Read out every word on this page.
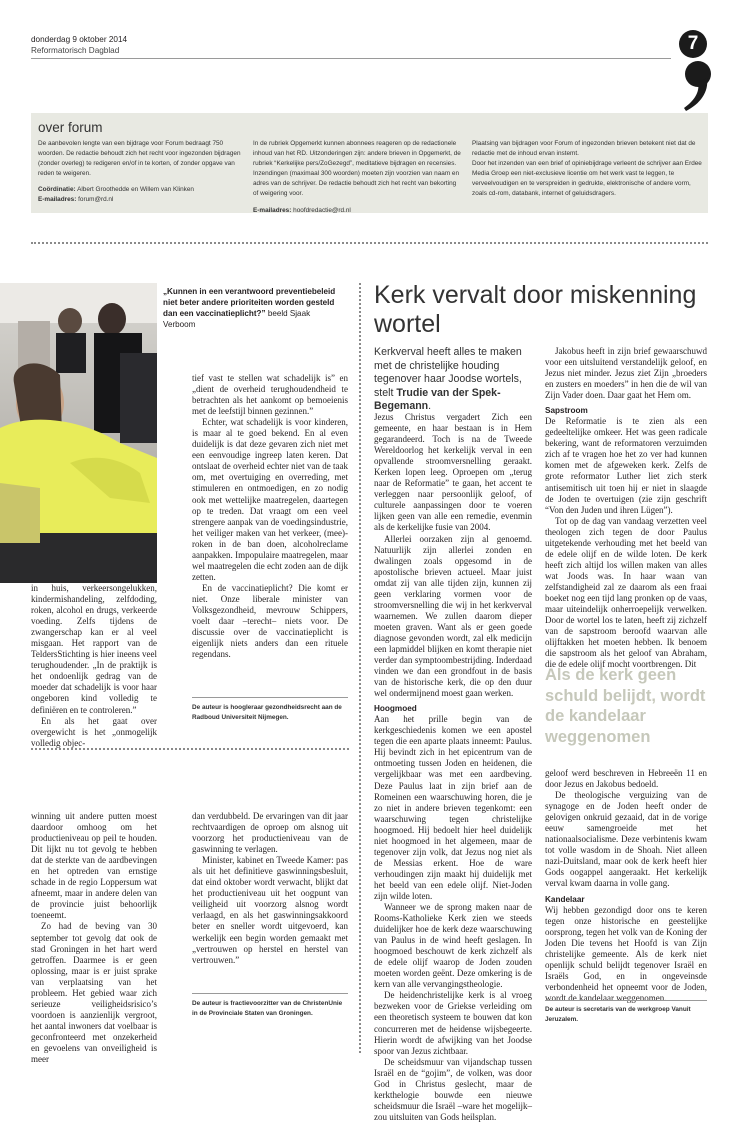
donderdag 9 oktober 2014
Reformatorisch Dagblad	7
over forum

De aanbevolen lengte van een bijdrage voor Forum bedraagt 750 woorden. De redactie behoudt zich het recht voor ingezonden bijdragen (zonder overleg) te redigeren en/of in te korten, of zonder opgave van reden te weigeren.

Coördinatie: Albert Groothedde en Willem van Klinken

E-mailadres: forum@rd.nl

In de rubriek Opgemerkt kunnen abonnees reageren op de redactionele inhoud van het RD. Uitzonderingen zijn: andere brieven in Opgemerkt, de rubriek “Kerkelijke pers/ZoGezegd”, meditatieve bijdragen en recensies. Inzendingen (maximaal 300 woorden) moeten zijn voorzien van naam en adres van de schrijver. De redactie behoudt zich het recht van bekorting of weigering voor.

E-mailadres: hoofdredactie@rd.nl

Plaatsing van bijdragen voor Forum of ingezonden brieven betekent niet dat de redactie met de inhoud ervan instemt.

Door het inzenden van een brief of opiniebijdrage verleent de schrijver aan Erdee Media Groep een niet-exclusieve licentie om het werk vast te leggen, te verveelvoudigen en te verspreiden in gedrukte, elektronische of andere vorm, zoals cd-rom, databank, internet of geluidsdragers.

„Kunnen in een verantwoord preventiebeleid niet beter andere prioriteiten worden gesteld dan een vaccinatieplicht?” beeld Sjaak Verboom

in huis, verkeersongelukken, kindermishandeling, zelfdoding, roken, alcohol en drugs, verkeerde voeding. Zelfs tijdens de zwangerschap kan er al veel misgaan. Het rapport van de TeldersStichting is hier ineens veel terughoudender. „In de praktijk is het ondoenlijk gedrag van de moeder dat schadelijk is voor haar ongeboren kind volledig te definiëren en te controleren.”

En als het gaat over overgewicht is het „onmogelijk volledig objec-

tief vast te stellen wat schadelijk is” en „dient de overheid terughoudendheid te betrachten als het aankomt op bemoeienis met de leefstijl binnen gezinnen.”

Echter, wat schadelijk is voor kinderen, is maar al te goed bekend. En al even duidelijk is dat deze gevaren zich niet met een eenvoudige ingreep laten keren. Dat ontslaat de overheid echter niet van de taak om, met overtuiging en overreding, met stimuleren en ontmoedigen, en zo nodig ook met wettelijke maatregelen, daartegen op te treden. Dat vraagt om een veel strengere aanpak van de voedingsindustrie, het veiliger maken van het verkeer, (mee)-roken in de ban doen, alcoholreclame aanpakken. Impopulaire maatregelen, maar wel maatregelen die echt zoden aan de dijk zetten.

En de vaccinatieplicht? Die komt er niet. Onze liberale minister van Volksgezondheid, mevrouw Schippers, voelt daar –terecht– niets voor. De discussie over de vaccinatieplicht is eigenlijk niets anders dan een rituele regendans.

De auteur is hoogleraar gezondheidsrecht aan de Radboud Universiteit Nijmegen.

winning uit andere putten moest daardoor omhoog om het productieniveau op peil te houden. Dit lijkt nu tot gevolg te hebben dat de sterkte van de aardbevingen en het optreden van ernstige schade in de regio Loppersum wat afneemt, maar in andere delen van de provincie juist behoorlijk toeneemt.

Zo had de beving van 30 september tot gevolg dat ook de stad Groningen in het hart werd getroffen. Daarmee is er geen oplossing, maar is er juist sprake van verplaatsing van het probleem. Het gebied waar zich serieuze veiligheidsrisico’s voordoen is aanzienlijk vergroot, het aantal inwoners dat voelbaar is geconfronteerd met onzekerheid en gevoelens van onveiligheid is meer

dan verdubbeld. De ervaringen van dit jaar rechtvaardigen de oproep om alsnog uit voorzorg het productieniveau van de gaswinning te verlagen.

Minister, kabinet en Tweede Kamer: pas als uit het definitieve gaswinningsbesluit, dat eind oktober wordt verwacht, blijkt dat het productieniveau uit het oogpunt van veiligheid uit voorzorg alsnog wordt verlaagd, en als het gaswinningsakkoord beter en sneller wordt uitgevoerd, kan werkelijk een begin worden gemaakt met „vertrouwen op herstel en herstel van vertrouwen.”

De auteur is fractievoorzitter van de ChristenUnie in de Provinciale Staten van Groningen.
Kerk vervalt door miskenning wortel
Kerkverval heeft alles te maken met de christelijke houding tegenover haar Joodse wortels, stelt Trudie van der Spek-Begemann.

Jezus Christus vergadert Zich een gemeente, en haar bestaan is in Hem gegarandeerd. Toch is na de Tweede Wereldoorlog het kerkelijk verval in een opvallende stroomversnelling geraakt. Kerken lopen leeg. Oproepen om „terug naar de Reformatie” te gaan, het accent te verleggen naar persoonlijk geloof, of culturele aanpassingen door te voeren lijken geen van alle een remedie, evenmin als de kerkelijke fusie van 2004.

Allerlei oorzaken zijn al genoemd. Natuurlijk zijn allerlei zonden en dwalingen zoals opgesomd in de apostolische brieven actueel. Maar juist omdat zij van alle tijden zijn, kunnen zij geen verklaring vormen voor de stroomversnelling die wij in het kerkverval waarnemen. We zullen daarom dieper moeten graven. Want als er geen goede diagnose gevonden wordt, zal elk medicijn een lapmiddel blijken en komt therapie niet verder dan symptoombestrijding. Inderdaad vinden we dan een grondfout in de basis van de historische kerk, die op den duur wel ondermijnend moest gaan werken.

Hoogmoed

Aan het prille begin van de kerkgeschiedenis komen we een apostel tegen die een aparte plaats inneemt: Paulus. Hij bevindt zich in het epicentrum van de ontmoeting tussen Joden en heidenen, die vergelijkbaar was met een aardbeving. Deze Paulus laat in zijn brief aan de Romeinen een waarschuwing horen, die je zo niet in andere brieven tegenkomt: een waarschuwing tegen christelijke hoogmoed. Hij bedoelt hier heel duidelijk niet hoogmoed in het algemeen, maar de tegenover zijn volk, dat Jezus nog niet als de Messias erkent. Hoe de ware verhoudingen zijn maakt hij duidelijk met het beeld van een edele olijf. Niet-Joden zijn wilde loten.

Wanneer we de sprong maken naar de Rooms-Katholieke Kerk zien we steeds duidelijker hoe de kerk deze waarschuwing van Paulus in de wind heeft geslagen. In hoogmoed beschouwt de kerk zichzelf als de edele olijf waarop de Joden zouden moeten worden geënt. Deze omkering is de kern van alle vervangingstheologie.

De heidenchristelijke kerk is al vroeg bezweken voor de Griekse verleiding om een theoretisch systeem te bouwen dat kon concurreren met de heidense wijsbegeerte. Hierin wordt de afwijking van het Joodse spoor van Jezus zichtbaar.

De scheidsmuur van vijandschap tussen Israël en de “gojim”, de volken, was door God in Christus geslecht, maar de kerkthelogie bouwde een nieuwe scheidsmuur die Israël –ware het mogelijk– zou uitsluiten van Gods heilsplan.

Jakobus heeft in zijn brief gewaarschuwd voor een uitsluitend verstandelijk geloof, en Jezus niet minder. Jezus ziet Zijn „broeders en zusters en moeders” in hen die de wil van Zijn Vader doen. Daar gaat het Hem om.

Sapstroom

De Reformatie is te zien als een gedeeltelijke omkeer. Het was geen radicale bekering, want de reformatoren verzuimden zich af te vragen hoe het zo ver had kunnen komen met de afgeweken kerk. Zelfs de grote reformator Luther liet zich sterk antisemitisch uit toen hij er niet in slaagde de Joden te overtuigen (zie zijn geschrift “Von den Juden und ihren Lügen”).

Tot op de dag van vandaag verzetten veel theologen zich tegen de door Paulus uitgetekende verhouding met het beeld van de edele olijf en de wilde loten. De kerk heeft zich altijd los willen maken van alles wat Joods was. In haar waan van zelfstandigheid zal ze daarom als een fraai boeket nog een tijd lang pronken op de vaas, maar uiteindelijk onherroepelijk verwelken. Door de wortel los te laten, heeft zij zichzelf van de sapstroom beroofd waarvan alle olijftakken het moeten hebben. Ik benoem die sapstroom als het geloof van Abraham, die de edele olijf mocht voortbrengen. Dit

Als de kerk geen schuld belijdt, wordt de kandelaar weggenomen

geloof werd beschreven in Hebreeën 11 en door Jezus en Jakobus bedoeld.

De theologische verguizing van de synagoge en de Joden heeft onder de gelovigen onkruid gezaaid, dat in de vorige eeuw samengroeide met het nationaalsocialisme. Deze verbintenis kwam tot volle wasdom in de Shoah. Niet alleen nazi-Duitsland, maar ook de kerk heeft hier Gods oogappel aangeraakt. Het kerkelijk verval kwam daarna in volle gang.

Kandelaar

Wij hebben gezondigd door ons te keren tegen onze historische en geestelijke oorsprong, tegen het volk van de Koning der Joden Die tevens het Hoofd is van Zijn christelijke gemeente. Als de kerk niet openlijk schuld belijdt tegenover Israël en Israëls God, en in ongeveinsde verbondenheid het opneemt voor de Joden, wordt de kandelaar weggenomen.

De auteur is secretaris van de werkgroep Vanuit Jeruzalem.
